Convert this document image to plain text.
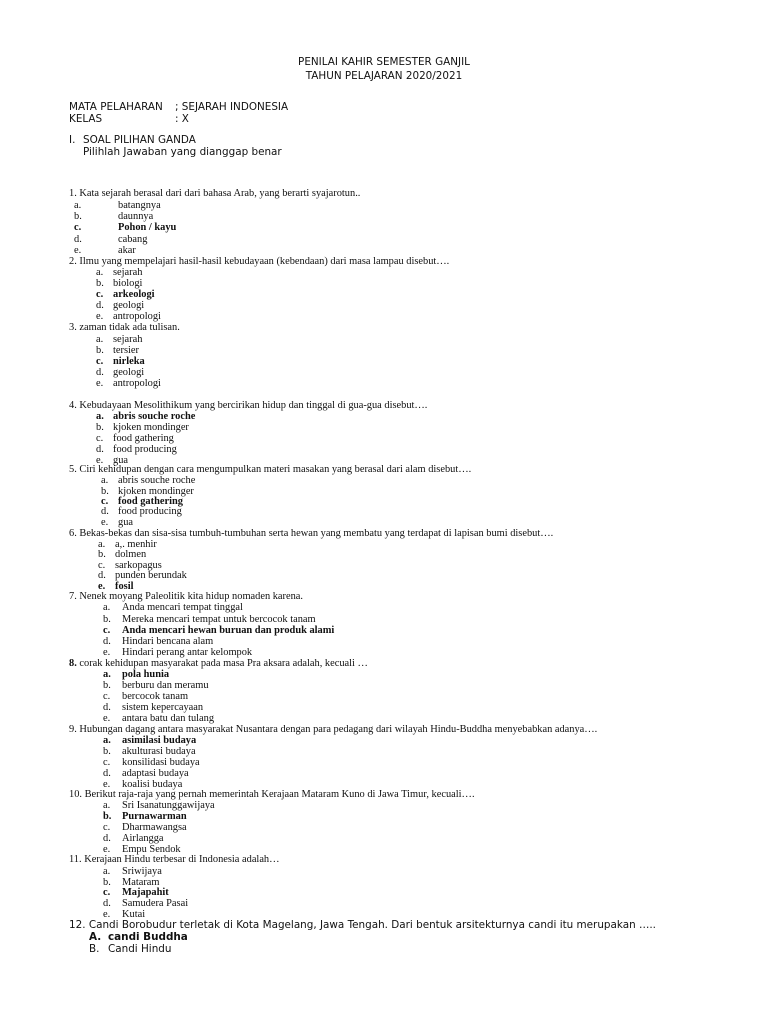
PENILAI KAHIR SEMESTER GANJIL
TAHUN PELAJARAN 2020/2021
MATA PELAHARAN ; SEJARAH INDONESIA
KELAS	: X
I. SOAL PILIHAN GANDA
Pilihlah Jawaban yang dianggap benar
1. Kata sejarah berasal dari dari bahasa Arab, yang berarti syajarotun..
a.	batangnya
b.	daunnya
c.	Pohon / kayu
d.	cabang
e.	akar
2. Ilmu yang mempelajari hasil-hasil kebudayaan (kebendaan) dari masa lampau disebut….
a. sejarah
b. biologi
c. arkeologi
d. geologi
e. antropologi
3. zaman tidak ada tulisan.
a. sejarah
b. tersier
c. nirleka
d. geologi
e. antropologi
4. Kebudayaan Mesolithikum yang bercirikan hidup dan tinggal di gua-gua disebut….
a. abris souche roche
b. kjoken mondinger
c. food gathering
d. food producing
e. gua
5. Ciri kehidupan dengan cara mengumpulkan materi masakan yang berasal dari alam disebut….
a. abris souche roche
b. kjoken mondinger
c. food gathering
d. food producing
e. gua
6. Bekas-bekas dan sisa-sisa tumbuh-tumbuhan serta hewan yang membatu yang terdapat di lapisan bumi disebut….
a. a,. menhir
b. dolmen
c. sarkopagus
d. punden berundak
e. fosil
7. Nenek moyang Paleolitik kita hidup nomaden karena.
a. Anda mencari tempat tinggal
b. Mereka mencari tempat untuk bercocok tanam
c. Anda mencari hewan buruan dan produk alami
d. Hindari bencana alam
e. Hindari perang antar kelompok
8. corak kehidupan masyarakat pada masa Pra aksara adalah, kecuali …
a. pola hunia
b. berburu dan meramu
c. bercocok tanam
d. sistem kepercayaan
e. antara batu dan tulang
9. Hubungan dagang antara masyarakat Nusantara dengan para pedagang dari wilayah Hindu-Buddha menyebabkan adanya….
a. asimilasi budaya
b. akulturasi budaya
c. konsilidasi budaya
d. adaptasi budaya
e. koalisi budaya
10. Berikut raja-raja yang pernah memerintah Kerajaan Mataram Kuno di Jawa Timur, kecuali….
a. Sri Isanatunggawijaya
b. Purnawarman
c. Dharmawangsa
d. Airlangga
e. Empu Sendok
11. Kerajaan Hindu terbesar di Indonesia adalah…
a. Sriwijaya
b. Mataram
c. Majapahit
d. Samudera Pasai
e. Kutai
12. Candi Borobudur terletak di Kota Magelang, Jawa Tengah. Dari bentuk arsitekturnya candi itu merupakan …..
A. candi Buddha
B. Candi Hindu
